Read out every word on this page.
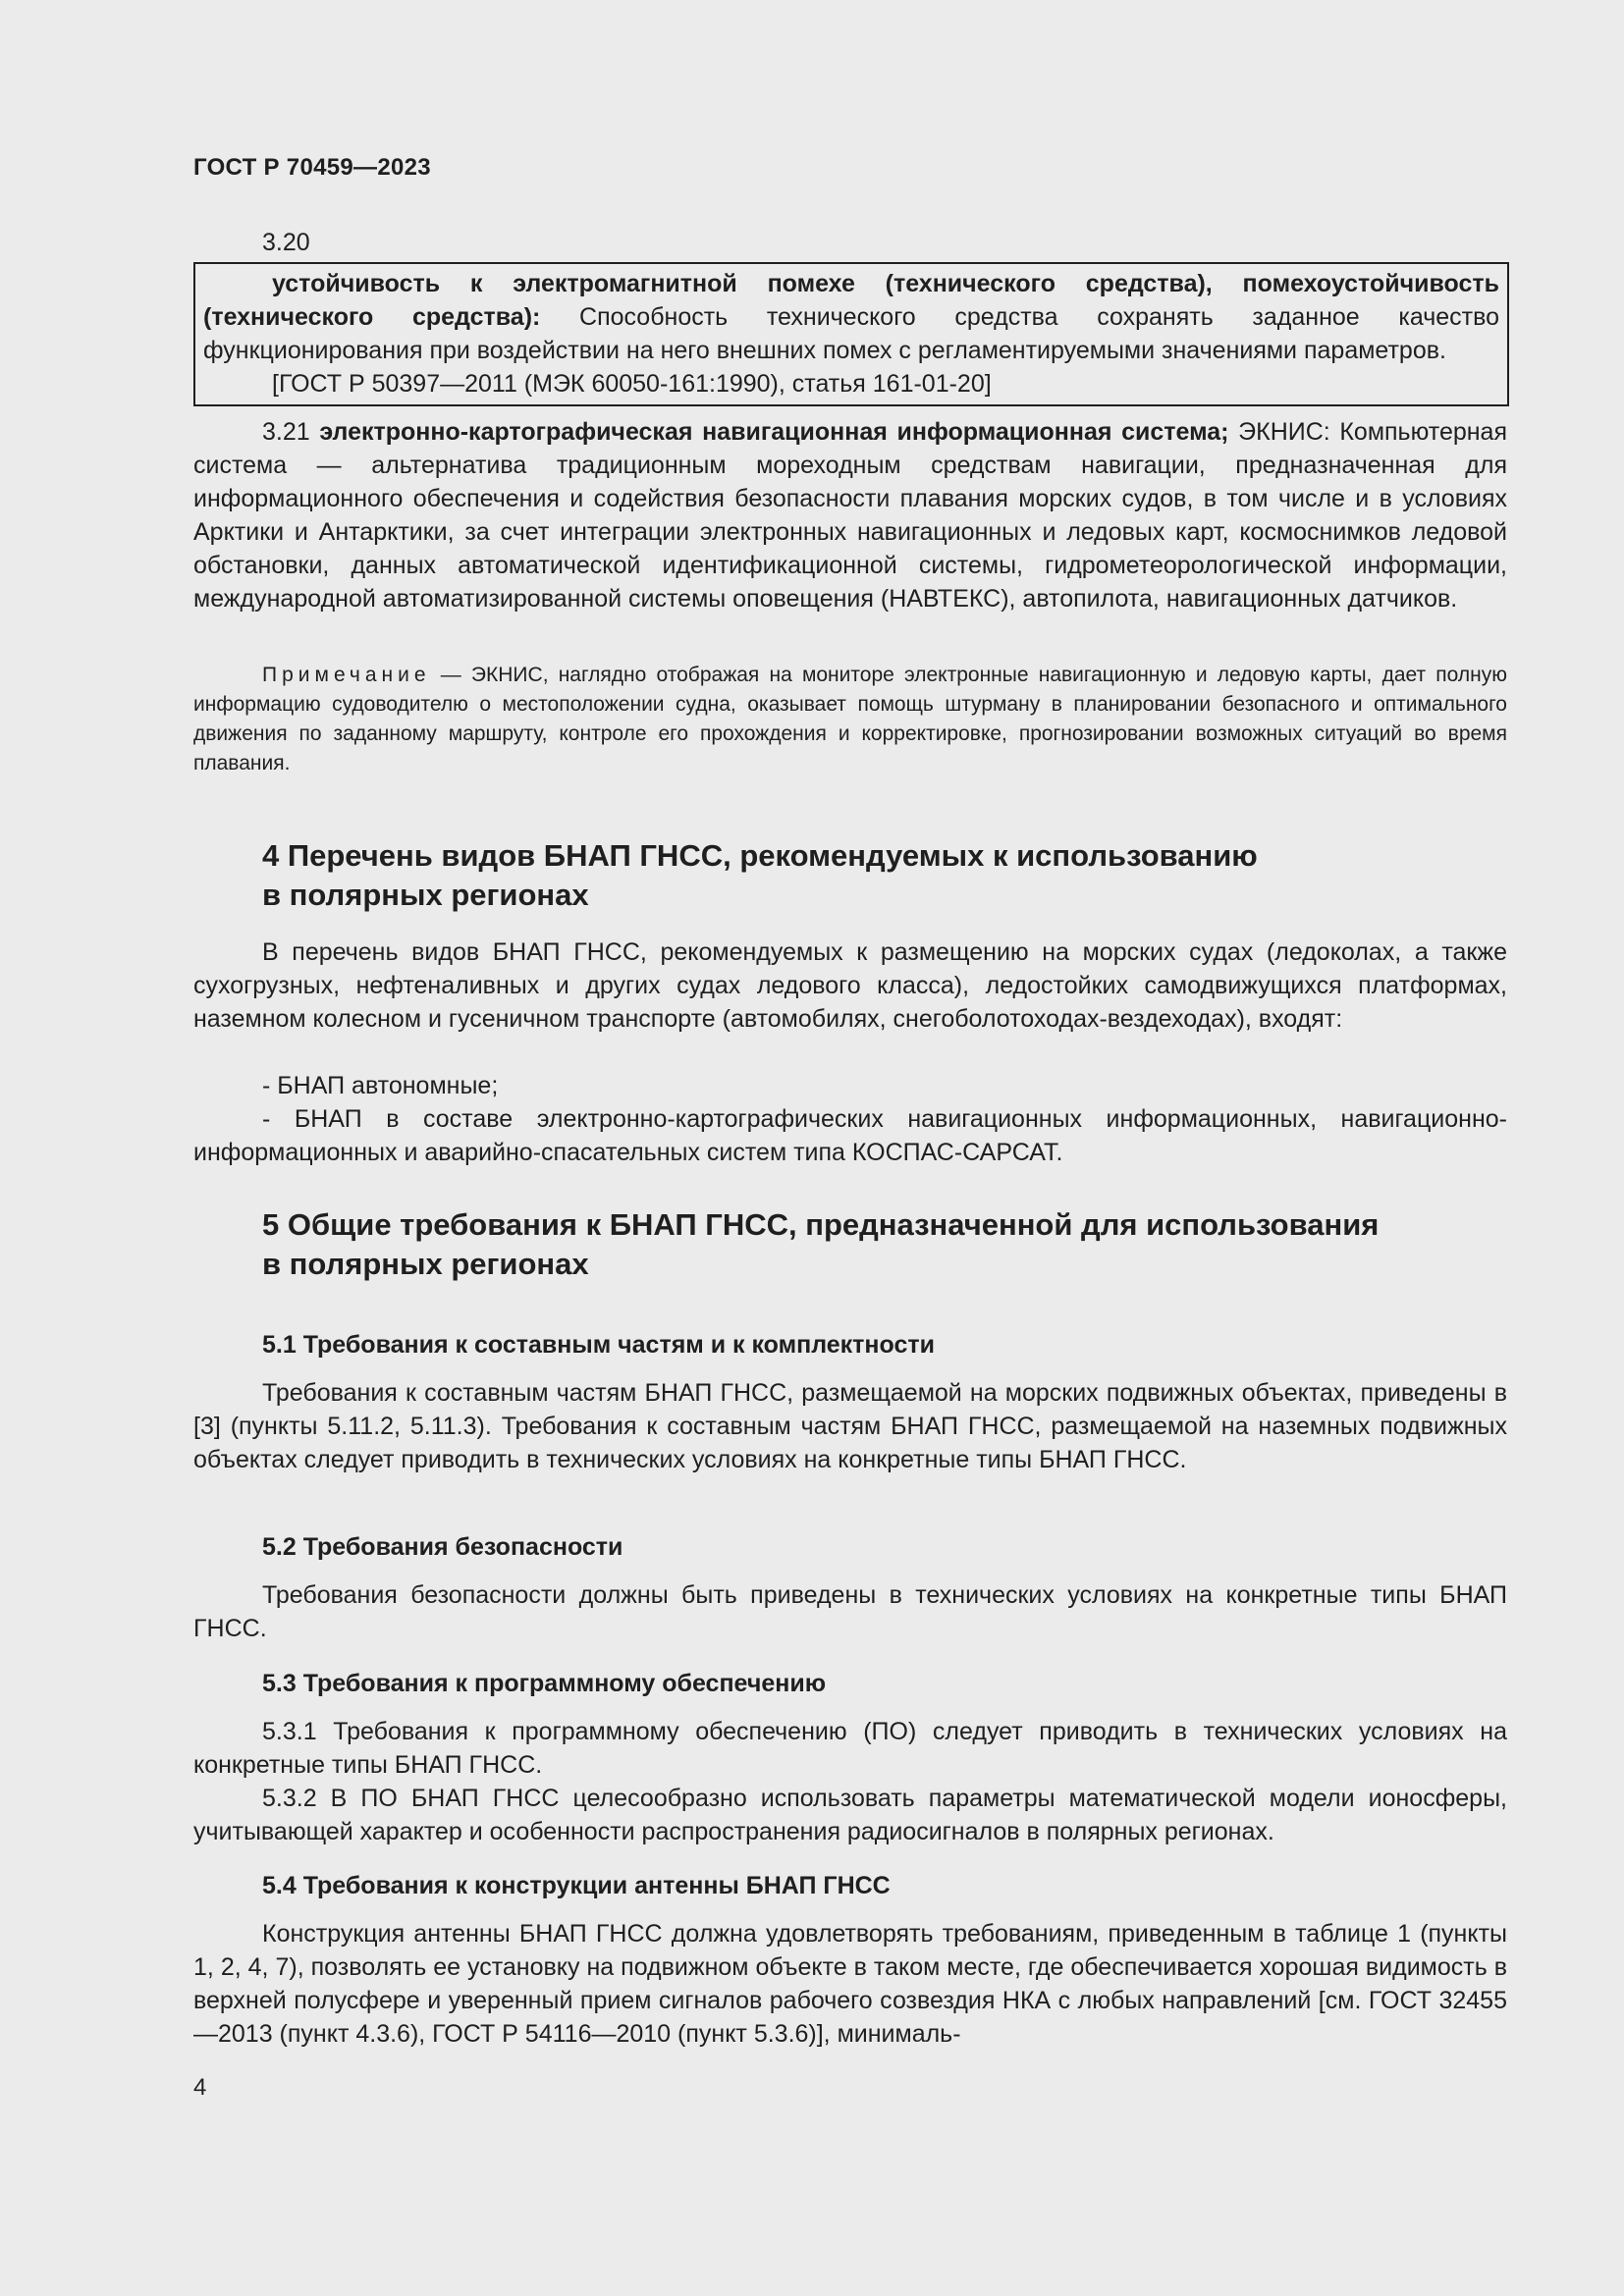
ГОСТ Р 70459—2023
3.20

устойчивость к электромагнитной помехе (технического средства), помехоустойчивость (технического средства): Способность технического средства сохранять заданное качество функционирования при воздействии на него внешних помех с регламентируемыми значениями параметров.

[ГОСТ Р 50397—2011 (МЭК 60050-161:1990), статья 161-01-20]

3.21 электронно-картографическая навигационная информационная система; ЭКНИС: Компьютерная система — альтернатива традиционным мореходным средствам навигации, предназначенная для информационного обеспечения и содействия безопасности плавания морских судов, в том числе и в условиях Арктики и Антарктики, за счет интеграции электронных навигационных и ледовых карт, космоснимков ледовой обстановки, данных автоматической идентификационной системы, гидрометеорологической информации, международной автоматизированной системы оповещения (НАВТЕКС), автопилота, навигационных датчиков.

Примечание — ЭКНИС, наглядно отображая на мониторе электронные навигационную и ледовую карты, дает полную информацию судоводителю о местоположении судна, оказывает помощь штурману в планировании безопасного и оптимального движения по заданному маршруту, контроле его прохождения и корректировке, прогнозировании возможных ситуаций во время плавания.

4 Перечень видов БНАП ГНСС, рекомендуемых к использованию

в полярных регионах

В перечень видов БНАП ГНСС, рекомендуемых к размещению на морских судах (ледоколах, а также сухогрузных, нефтеналивных и других судах ледового класса), ледостойких самодвижущихся платформах, наземном колесном и гусеничном транспорте (автомобилях, снегоболотоходах-вездеходах), входят:

- БНАП автономные;

- БНАП в составе электронно-картографических навигационных информационных, навигационно-информационных и аварийно-спасательных систем типа КОСПАС-САРСАТ.

5 Общие требования к БНАП ГНСС, предназначенной для использования

в полярных регионах

5.1 Требования к составным частям и к комплектности

Требования к составным частям БНАП ГНСС, размещаемой на морских подвижных объектах, приведены в [3] (пункты 5.11.2, 5.11.3). Требования к составным частям БНАП ГНСС, размещаемой на наземных подвижных объектах следует приводить в технических условиях на конкретные типы БНАП ГНСС.

5.2 Требования безопасности

Требования безопасности должны быть приведены в технических условиях на конкретные типы БНАП ГНСС.

5.3 Требования к программному обеспечению

5.3.1 Требования к программному обеспечению (ПО) следует приводить в технических условиях на конкретные типы БНАП ГНСС.

5.3.2 В ПО БНАП ГНСС целесообразно использовать параметры математической модели ионосферы, учитывающей характер и особенности распространения радиосигналов в полярных регионах.

5.4 Требования к конструкции антенны БНАП ГНСС

Конструкция антенны БНАП ГНСС должна удовлетворять требованиям, приведенным в таблице 1 (пункты 1, 2, 4, 7), позволять ее установку на подвижном объекте в таком месте, где обеспечивается хорошая видимость в верхней полусфере и уверенный прием сигналов рабочего созвездия НКА с любых направлений [см. ГОСТ 32455—2013 (пункт 4.3.6), ГОСТ Р 54116—2010 (пункт 5.3.6)], минималь-

4
